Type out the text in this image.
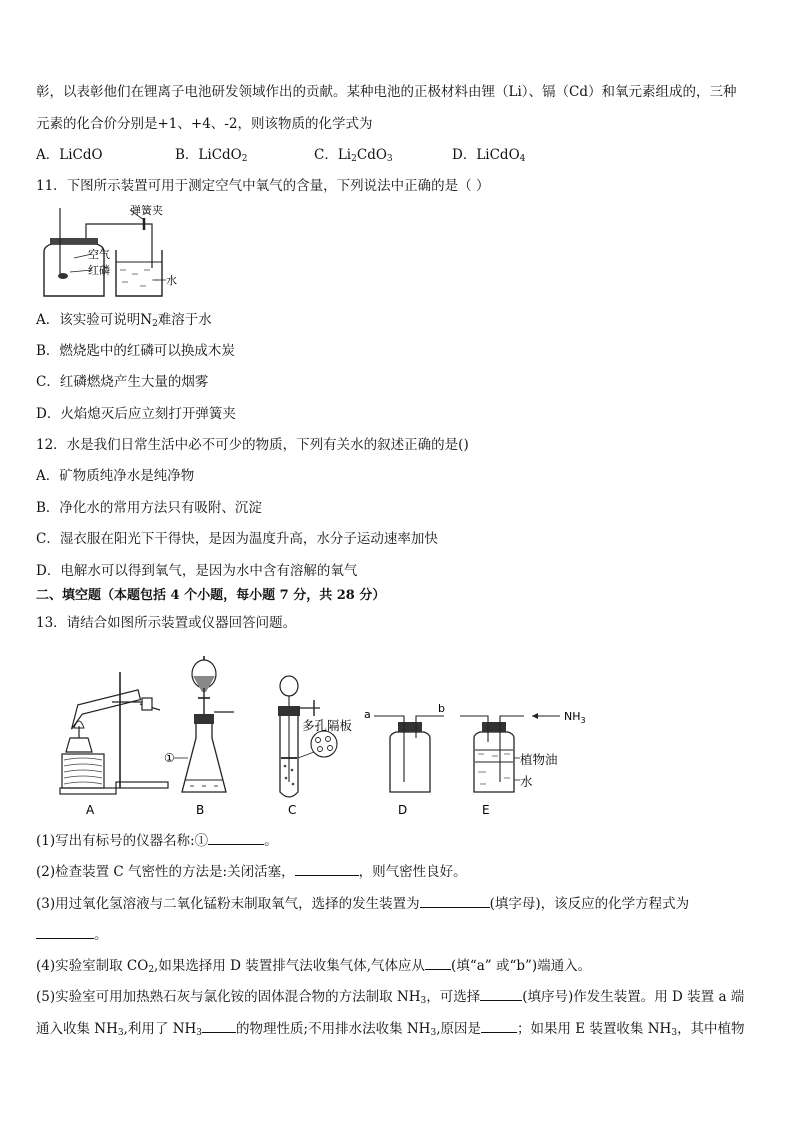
彰，以表彰他们在锂离子电池研发领域作出的贡献。某种电池的正极材料由锂（Li）、镉（Cd）和氧元素组成的，三种
元素的化合价分别是+1、+4、-2，则该物质的化学式为
A．LiCdO	B．LiCdO$_2$	C．$Li_2CdO_3$	D．LiCdO$_4$
11．下图所示装置可用于测定空气中氧气的含量，下列说法中正确的是（ ）
弹簧夹
空气
红磷
水
A．该实验可说明$N_2$难溶于水
B．燃烧匙中的红磷可以换成木炭
C．红磷燃烧产生大量的烟雾
D．火焰熄灭后应立刻打开弹簧夹
12．水是我们日常生活中必不可少的物质，下列有关水的叙述正确的是()
A．矿物质纯净水是纯净物
B．净化水的常用方法只有吸附、沉淀
C．湿衣服在阳光下干得快，是因为温度升高，水分子运动速率加快
D．电解水可以得到氧气，是因为水中含有溶解的氧气
二、填空题（本题包括 4 个小题，每小题 7 分，共 28 分）
13．请结合如图所示装置或仪器回答问题。
A
①
B
多孔隔板
C
a	b
D
$NH_3$
植物油
水
E
(1)写出有标号的仪器名称:①	。
(2)检查装置 C 气密性的方法是:关闭活塞，	，则气密性良好。
(3)用过氧化氢溶液与二氧化锰粉末制取氧气，选择的发生装置为	(填字母)，该反应的化学方程式为
。
(4)实验室制取 $CO_2$,如果选择用 D 装置排气法收集气体,气体应从 (填“a” 或“b”)端通入。
(5)实验室可用加热熟石灰与氯化铵的固体混合物的方法制取 $NH_3$，可选择	(填序号)作发生装置。用 D 装置 a 端
通入收集 $NH_3$,利用了 $NH_3$	的物理性质;不用排水法收集 $NH_3$,原因是	；如果用 E 装置收集 $NH_3$，其中植物
